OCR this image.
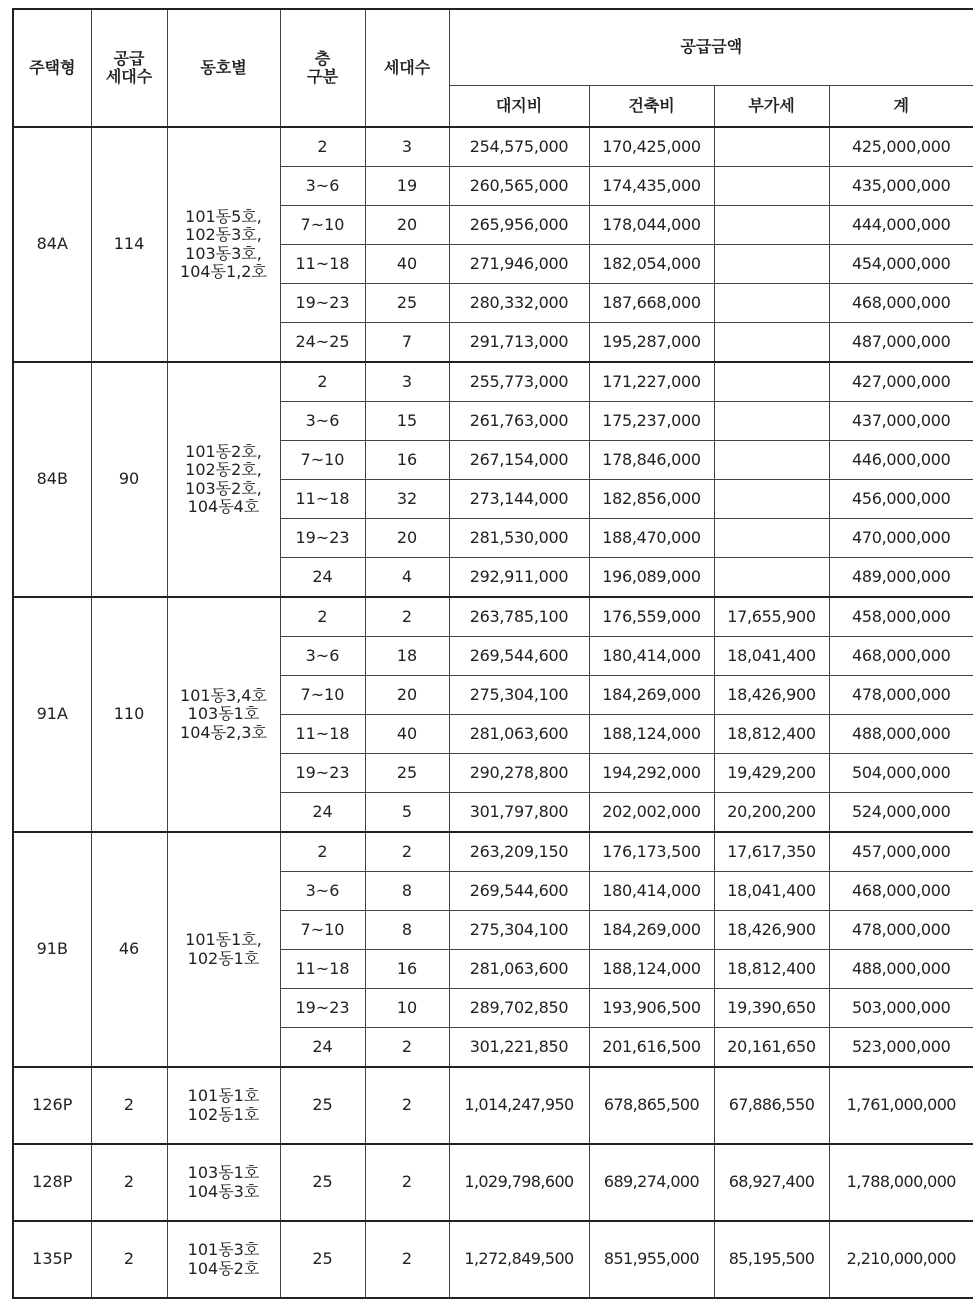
주택형	공급
세대수	동호별	층
구분	세대수	공급금액			
					대지비	건축비	부가세	계
84A	114	101동5호,
102동3호,
103동3호,
104동1,2호	2	3	254,575,000	170,425,000		425,000,000
			3~6	19	260,565,000	174,435,000		435,000,000
			7~10	20	265,956,000	178,044,000		444,000,000
			11~18	40	271,946,000	182,054,000		454,000,000
			19~23	25	280,332,000	187,668,000		468,000,000
			24~25	7	291,713,000	195,287,000		487,000,000
84B	90	101동2호,
102동2호,
103동2호,
104동4호	2	3	255,773,000	171,227,000		427,000,000
			3~6	15	261,763,000	175,237,000		437,000,000
			7~10	16	267,154,000	178,846,000		446,000,000
			11~18	32	273,144,000	182,856,000		456,000,000
			19~23	20	281,530,000	188,470,000		470,000,000
			24	4	292,911,000	196,089,000		489,000,000
91A	110	101동3,4호
103동1호
104동2,3호	2	2	263,785,100	176,559,000	17,655,900	458,000,000
			3~6	18	269,544,600	180,414,000	18,041,400	468,000,000
			7~10	20	275,304,100	184,269,000	18,426,900	478,000,000
			11~18	40	281,063,600	188,124,000	18,812,400	488,000,000
			19~23	25	290,278,800	194,292,000	19,429,200	504,000,000
			24	5	301,797,800	202,002,000	20,200,200	524,000,000
91B	46	101동1호,
102동1호	2	2	263,209,150	176,173,500	17,617,350	457,000,000
			3~6	8	269,544,600	180,414,000	18,041,400	468,000,000
			7~10	8	275,304,100	184,269,000	18,426,900	478,000,000
			11~18	16	281,063,600	188,124,000	18,812,400	488,000,000
			19~23	10	289,702,850	193,906,500	19,390,650	503,000,000
			24	2	301,221,850	201,616,500	20,161,650	523,000,000
126P	2	101동1호
102동1호	25	2	1,014,247,950	678,865,500	67,886,550	1,761,000,000
128P	2	103동1호
104동3호	25	2	1,029,798,600	689,274,000	68,927,400	1,788,000,000
135P	2	101동3호
104동2호	25	2	1,272,849,500	851,955,000	85,195,500	2,210,000,000
